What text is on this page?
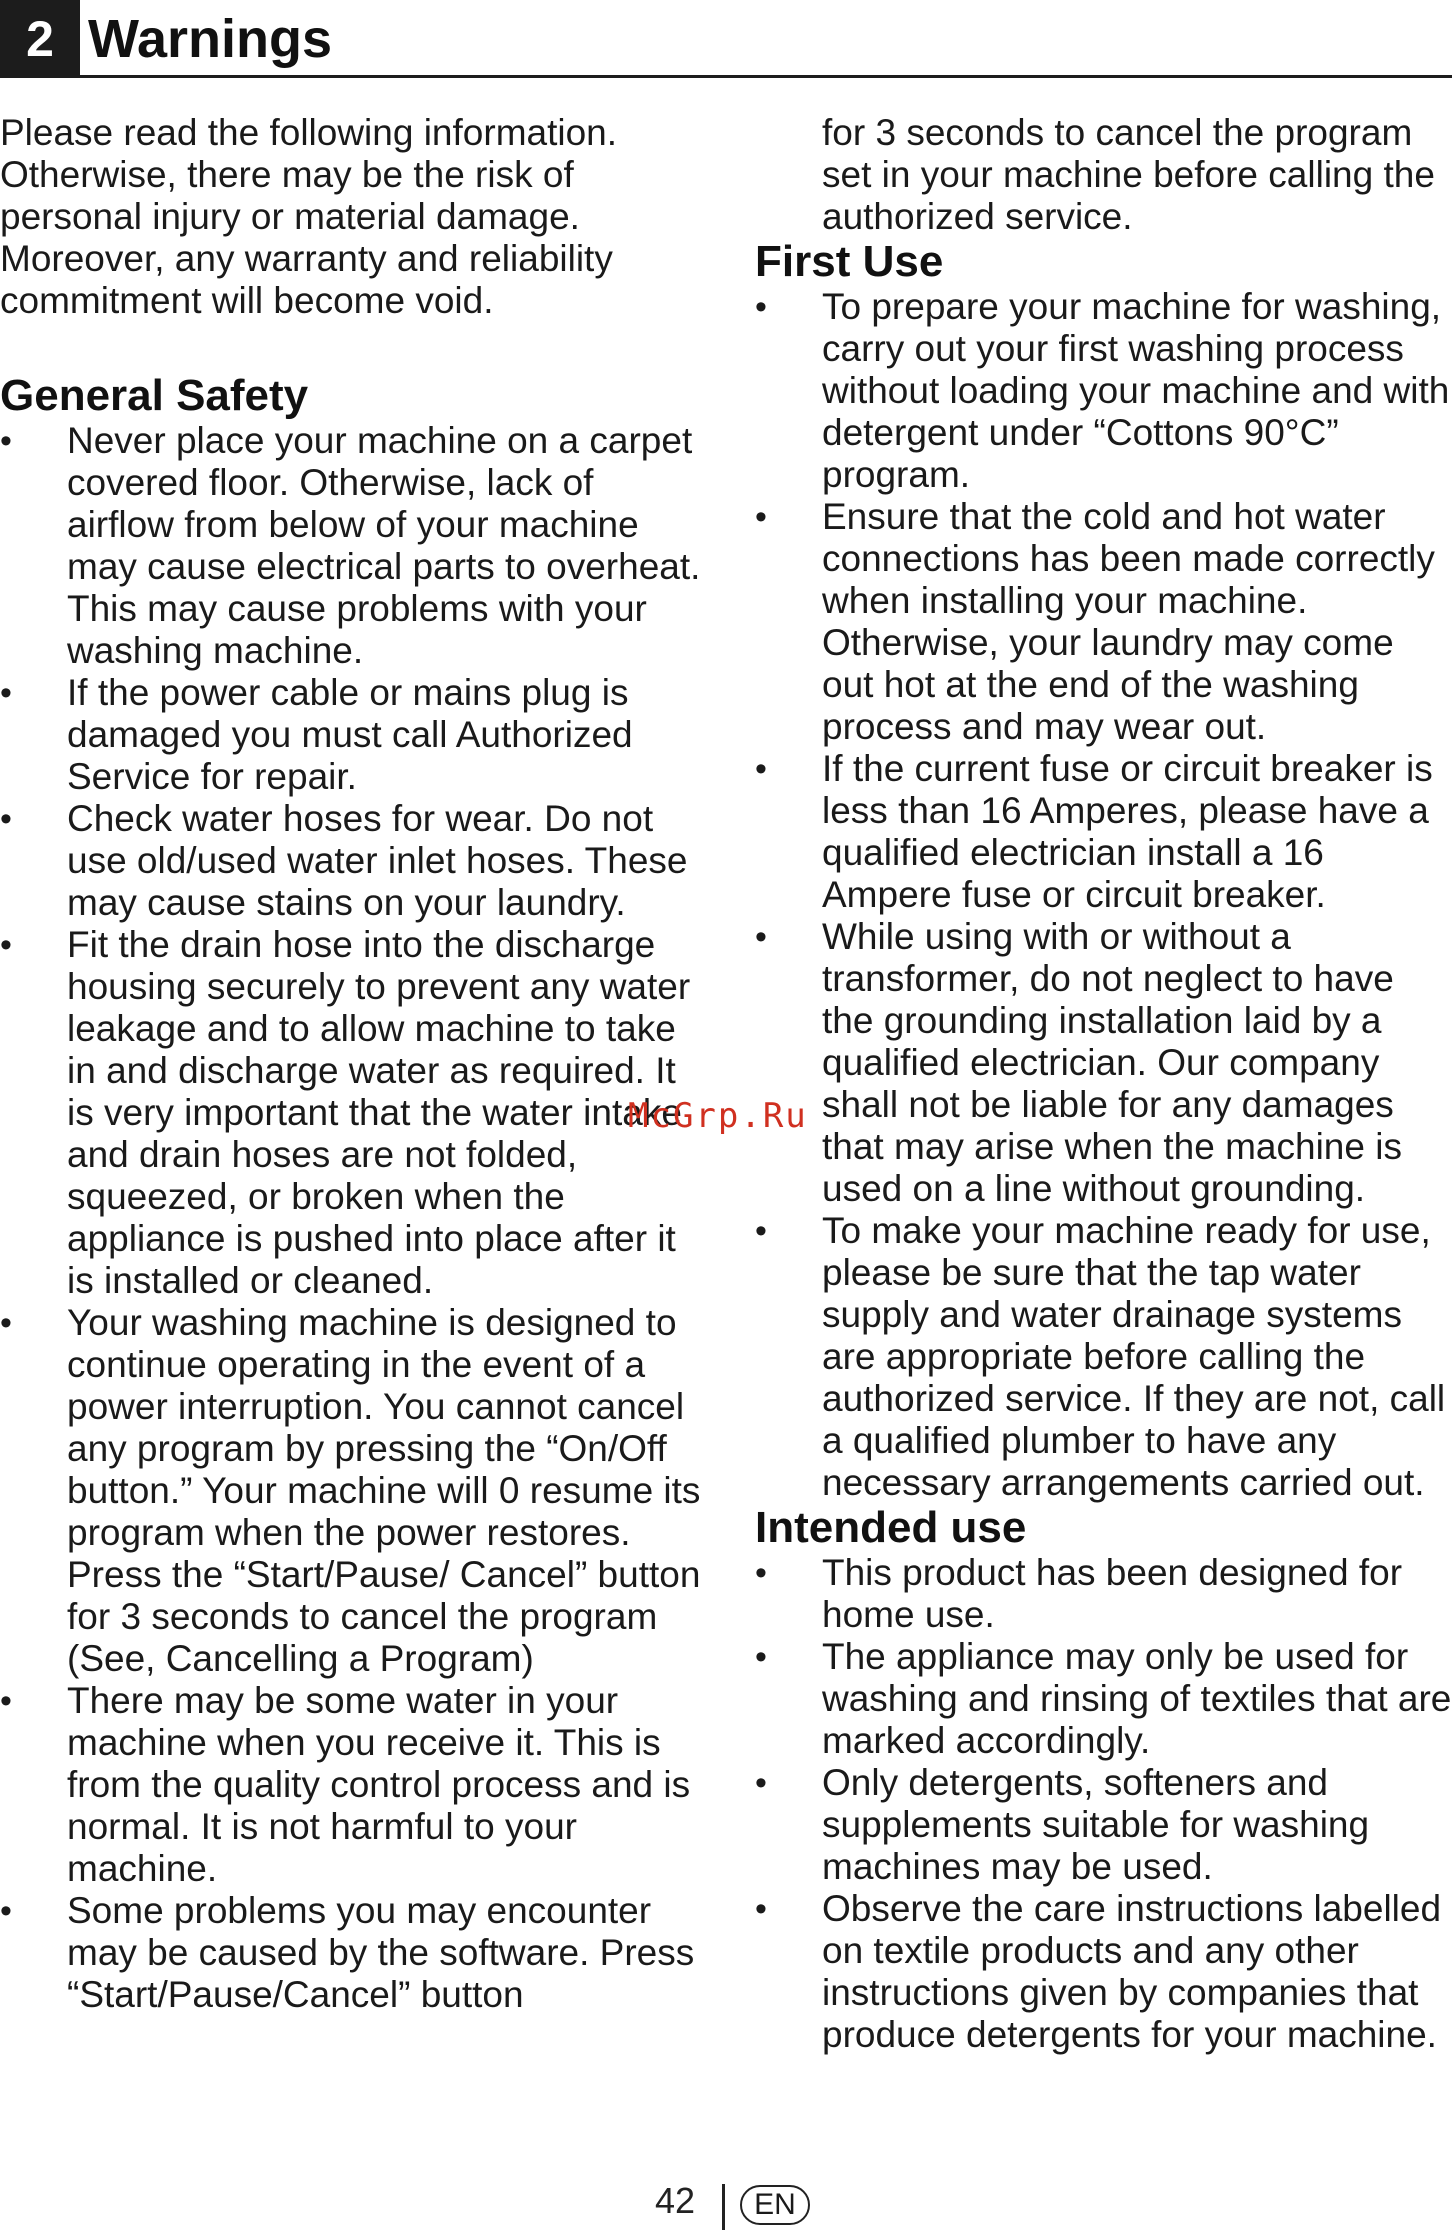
2 Warnings

Please read the following information. Otherwise, there may be the risk of personal injury or material damage. Moreover, any warranty and reliability commitment will become void.

General Safety
• Never place your machine on a carpet covered floor. Otherwise, lack of airflow from below of your machine may cause electrical parts to overheat. This may cause problems with your washing machine.
• If the power cable or mains plug is damaged you must call Authorized Service for repair.
• Check water hoses for wear. Do not use old/used water inlet hoses. These may cause stains on your laundry.
• Fit the drain hose into the discharge housing securely to prevent any water leakage and to allow machine to take in and discharge water as required. It is very important that the water intake and drain hoses are not folded, squeezed, or broken when the appliance is pushed into place after it is installed or cleaned.
• Your washing machine is designed to continue operating in the event of a power interruption. You cannot cancel any program by pressing the “On/Off button.” Your machine will 0 resume its program when the power restores. Press the “Start/Pause/ Cancel” button for 3 seconds to cancel the program (See, Cancelling a Program)
• There may be some water in your machine when you receive it. This is from the quality control process and is normal. It is not harmful to your machine.
• Some problems you may encounter may be caused by the software. Press “Start/Pause/Cancel” button

for 3 seconds to cancel the program set in your machine before calling the authorized service.

First Use
• To prepare your machine for washing, carry out your first washing process without loading your machine and with detergent under “Cottons 90°C” program.
• Ensure that the cold and hot water connections has been made correctly when installing your machine. Otherwise, your laundry may come out hot at the end of the washing process and may wear out.
• If the current fuse or circuit breaker is less than 16 Amperes, please have a qualified electrician install a 16 Ampere fuse or circuit breaker.
• While using with or without a transformer, do not neglect to have the grounding installation laid by a qualified electrician. Our company shall not be liable for any damages that may arise when the machine is used on a line without grounding.
• To make your machine ready for use, please be sure that the tap water supply and water drainage systems are appropriate before calling the authorized service. If they are not, call a qualified plumber to have any necessary arrangements carried out.
Intended use
• This product has been designed for home use.
• The appliance may only be used for washing and rinsing of textiles that are marked accordingly.
• Only detergents, softeners and supplements suitable for washing machines may be used.
• Observe the care instructions labelled on textile products and any other instructions given by companies that produce detergents for your machine.
McGrp.Ru
42	EN
